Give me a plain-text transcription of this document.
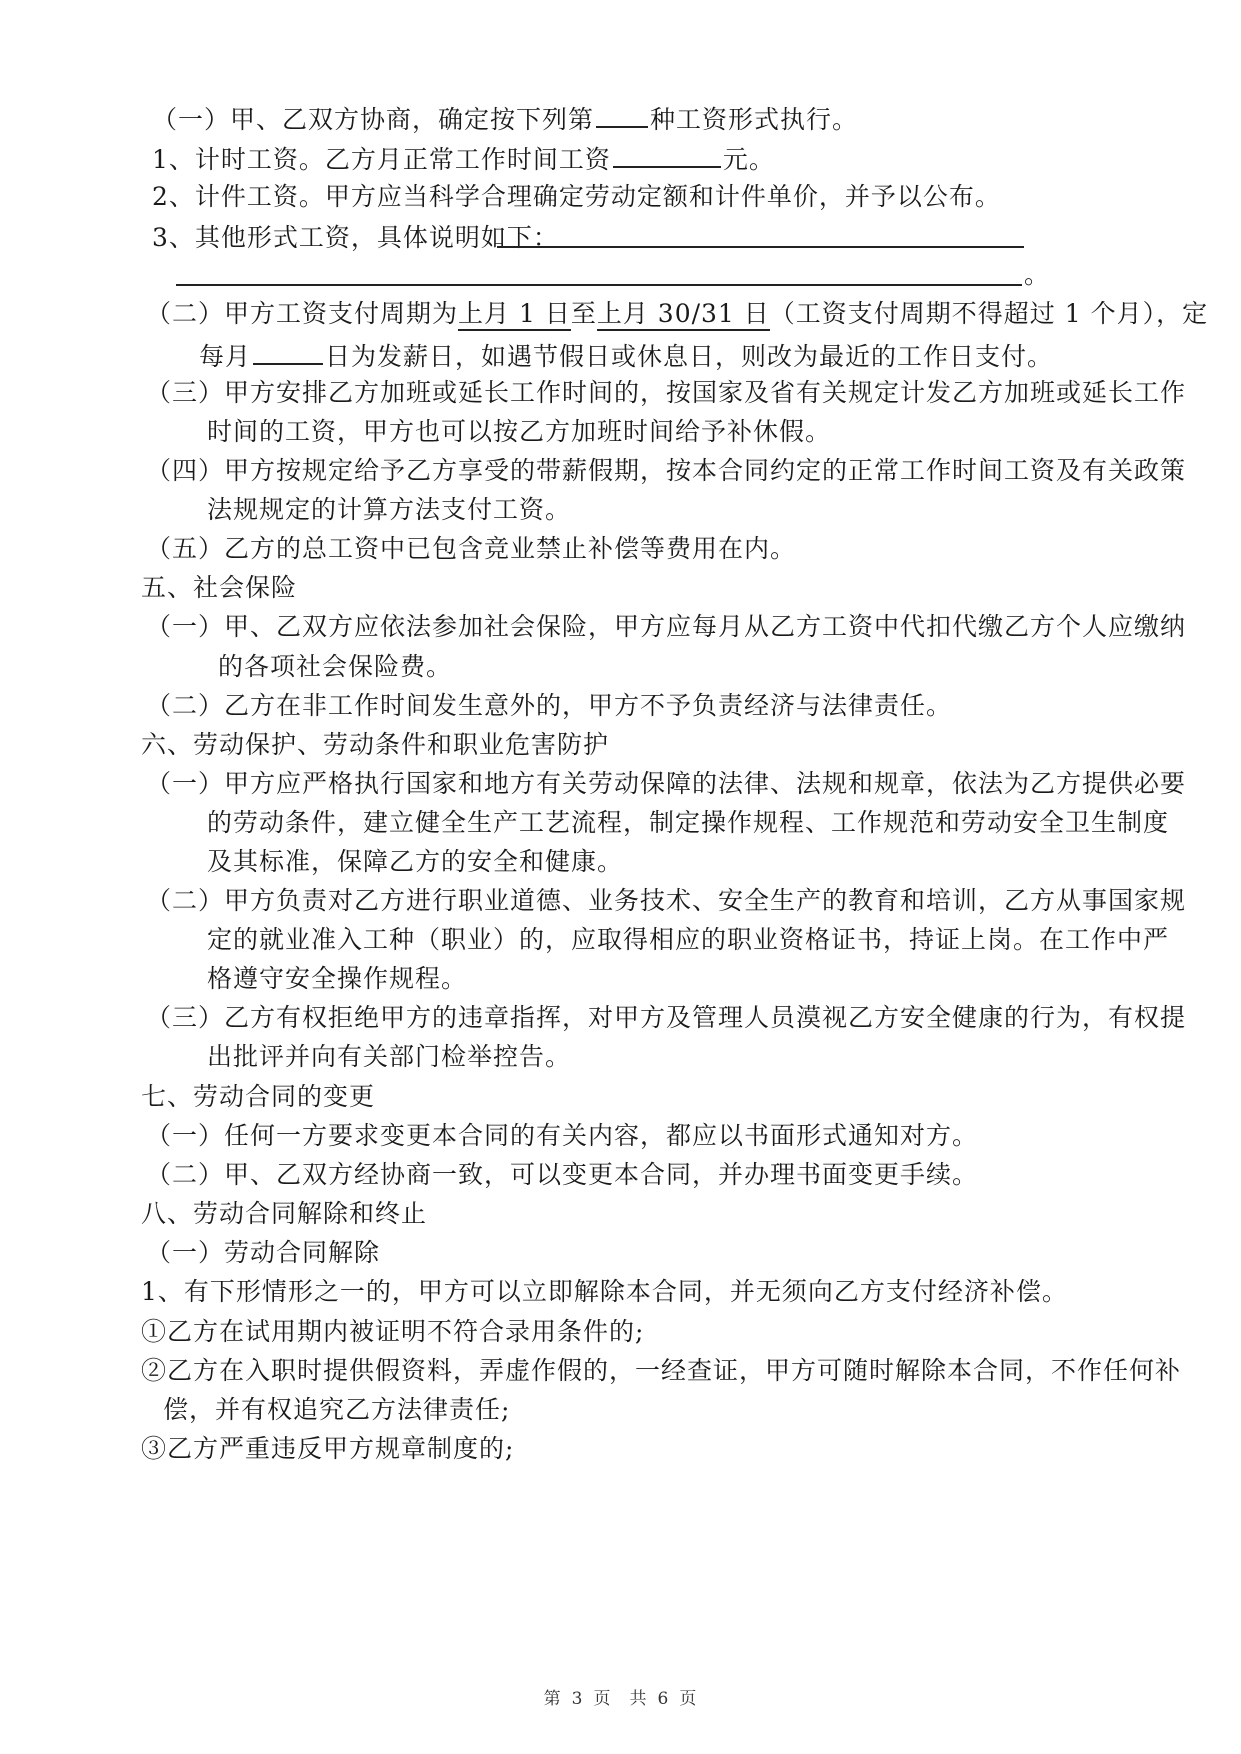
（一）甲、乙双方协商，确定按下列第 种工资形式执行。
1、计时工资。乙方月正常工作时间工资	元。
2、计件工资。甲方应当科学合理确定劳动定额和计件单价，并予以公布。
3、其他形式工资，具体说明如下：
。
（二）甲方工资支付周期为上月 1 日至上月 30/31 日（工资支付周期不得超过 1 个月），定
每月	日为发薪日，如遇节假日或休息日，则改为最近的工作日支付。
（三）甲方安排乙方加班或延长工作时间的，按国家及省有关规定计发乙方加班或延长工作
时间的工资，甲方也可以按乙方加班时间给予补休假。
（四）甲方按规定给予乙方享受的带薪假期，按本合同约定的正常工作时间工资及有关政策
法规规定的计算方法支付工资。
（五）乙方的总工资中已包含竞业禁止补偿等费用在内。
五、社会保险
（一）甲、乙双方应依法参加社会保险，甲方应每月从乙方工资中代扣代缴乙方个人应缴纳
的各项社会保险费。
（二）乙方在非工作时间发生意外的，甲方不予负责经济与法律责任。
六、劳动保护、劳动条件和职业危害防护
（一）甲方应严格执行国家和地方有关劳动保障的法律、法规和规章，依法为乙方提供必要
的劳动条件，建立健全生产工艺流程，制定操作规程、工作规范和劳动安全卫生制度
及其标准，保障乙方的安全和健康。
（二）甲方负责对乙方进行职业道德、业务技术、安全生产的教育和培训，乙方从事国家规
定的就业准入工种（职业）的，应取得相应的职业资格证书，持证上岗。在工作中严
格遵守安全操作规程。
（三）乙方有权拒绝甲方的违章指挥，对甲方及管理人员漠视乙方安全健康的行为，有权提
出批评并向有关部门检举控告。
七、劳动合同的变更
（一）任何一方要求变更本合同的有关内容，都应以书面形式通知对方。
（二）甲、乙双方经协商一致，可以变更本合同，并办理书面变更手续。
八、劳动合同解除和终止
（一）劳动合同解除
1、有下形情形之一的，甲方可以立即解除本合同，并无须向乙方支付经济补偿。
①乙方在试用期内被证明不符合录用条件的;
②乙方在入职时提供假资料，弄虚作假的，一经查证，甲方可随时解除本合同，不作任何补
偿，并有权追究乙方法律责任;
③乙方严重违反甲方规章制度的;
第 3 页　共 6 页
